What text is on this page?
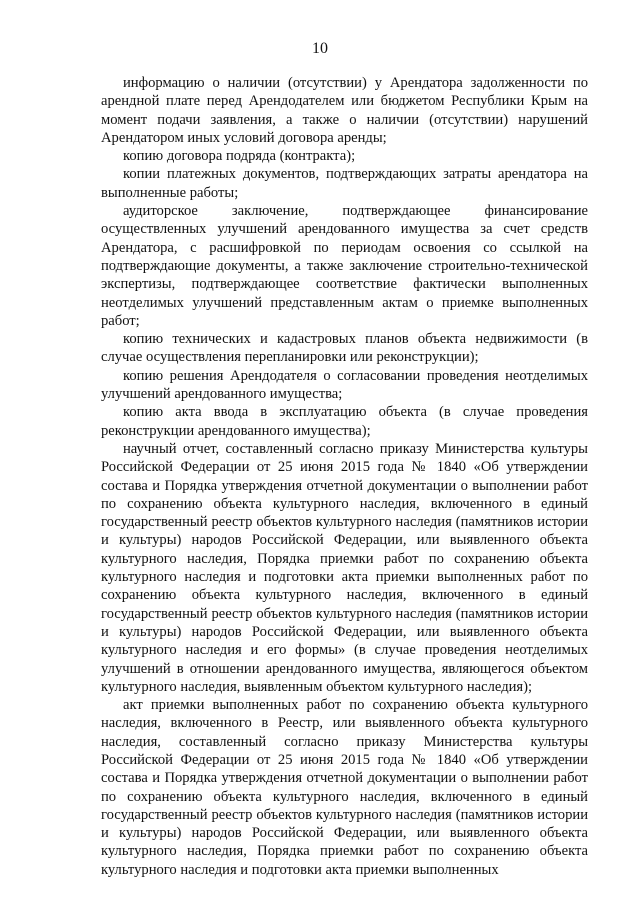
10

информацию о наличии (отсутствии) у Арендатора задолженности по арендной плате перед Арендодателем или бюджетом Республики Крым на момент подачи заявления, а также о наличии (отсутствии) нарушений Арендатором иных условий договора аренды;

копию договора подряда (контракта);

копии платежных документов, подтверждающих затраты арендатора на выполненные работы;

аудиторское заключение, подтверждающее финансирование осуществленных улучшений арендованного имущества за счет средств Арендатора, с расшифровкой по периодам освоения со ссылкой на подтверждающие документы, а также заключение строительно-технической экспертизы, подтверждающее соответствие фактически выполненных неотделимых улучшений представленным актам о приемке выполненных работ;

копию технических и кадастровых планов объекта недвижимости (в случае осуществления перепланировки или реконструкции);

копию решения Арендодателя о согласовании проведения неотделимых улучшений арендованного имущества;

копию акта ввода в эксплуатацию объекта (в случае проведения реконструкции арендованного имущества);

научный отчет, составленный согласно приказу Министерства культуры Российской Федерации от 25 июня 2015 года № 1840 «Об утверждении состава и Порядка утверждения отчетной документации о выполнении работ по сохранению объекта культурного наследия, включенного в единый государственный реестр объектов культурного наследия (памятников истории и культуры) народов Российской Федерации, или выявленного объекта культурного наследия, Порядка приемки работ по сохранению объекта культурного наследия и подготовки акта приемки выполненных работ по сохранению объекта культурного наследия, включенного в единый государственный реестр объектов культурного наследия (памятников истории и культуры) народов Российской Федерации, или выявленного объекта культурного наследия и его формы» (в случае проведения неотделимых улучшений в отношении арендованного имущества, являющегося объектом культурного наследия, выявленным объектом культурного наследия);

акт приемки выполненных работ по сохранению объекта культурного наследия, включенного в Реестр, или выявленного объекта культурного наследия, составленный согласно приказу Министерства культуры Российской Федерации от 25 июня 2015 года № 1840 «Об утверждении состава и Порядка утверждения отчетной документации о выполнении работ по сохранению объекта культурного наследия, включенного в единый государственный реестр объектов культурного наследия (памятников истории и культуры) народов Российской Федерации, или выявленного объекта культурного наследия, Порядка приемки работ по сохранению объекта культурного наследия и подготовки акта приемки выполненных
